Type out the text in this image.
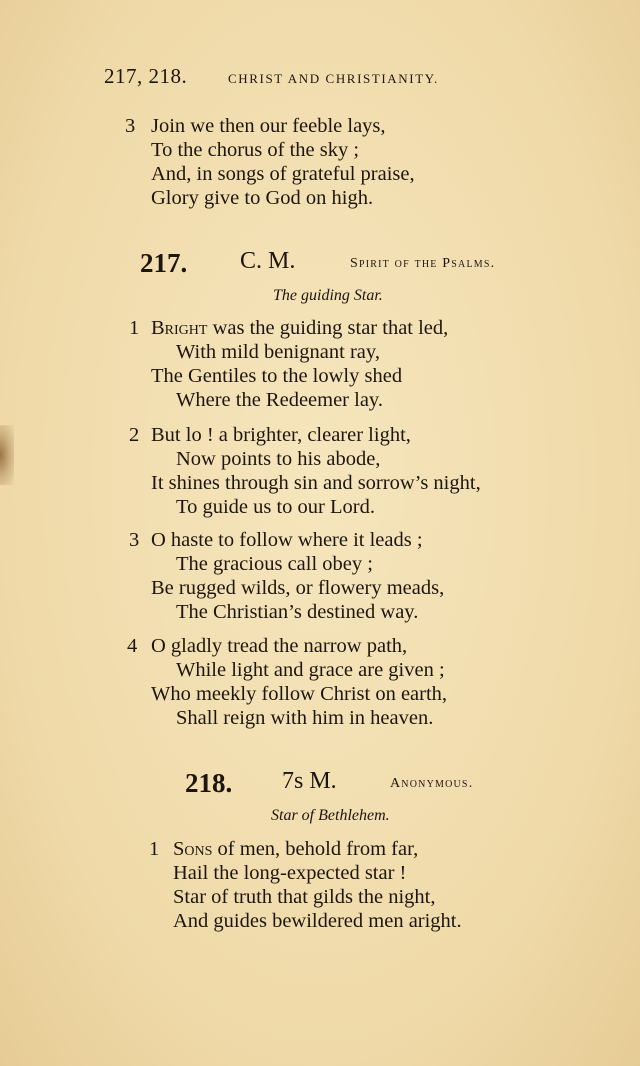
217, 218.	CHRIST AND CHRISTIANITY.
3 Join we then our feeble lays,
To the chorus of the sky ;
And, in songs of grateful praise,
Glory give to God on high.
217. C. M.	Spirit of the Psalms.
The guiding Star.
1 Bright was the guiding star that led,
With mild benignant ray,
The Gentiles to the lowly shed
Where the Redeemer lay.
2 But lo ! a brighter, clearer light,
Now points to his abode,
It shines through sin and sorrow’s night,
To guide us to our Lord.
3 O haste to follow where it leads ;
The gracious call obey ;
Be rugged wilds, or flowery meads,
The Christian’s destined way.
4 O gladly tread the narrow path,
While light and grace are given ;
Who meekly follow Christ on earth,
Shall reign with him in heaven.
218. 7s M.	Anonymous.
Star of Bethlehem.
1 Sons of men, behold from far,
Hail the long-expected star !
Star of truth that gilds the night,
And guides bewildered men aright.
